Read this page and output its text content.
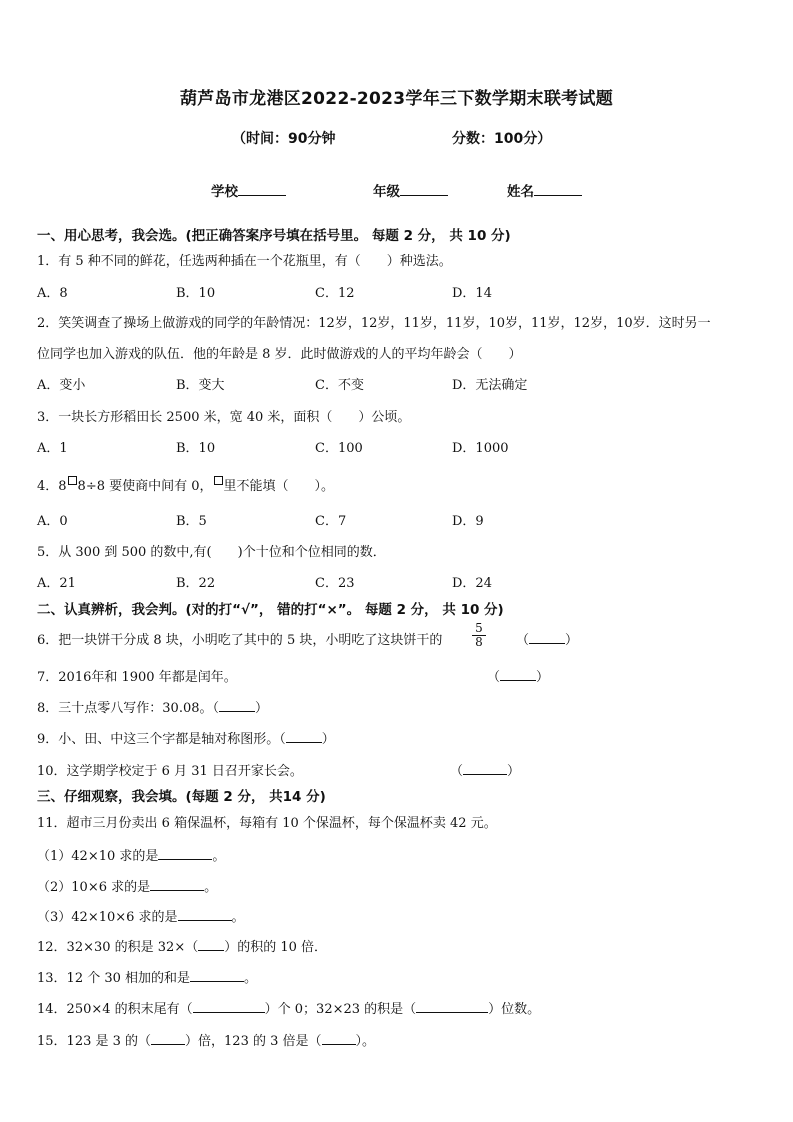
葫芦岛市龙港区2022-2023学年三下数学期末联考试题
（时间：90分钟	分数：100分）
学校	年级	姓名
一、用心思考，我会选。(把正确答案序号填在括号里。 每题 2 分， 共 10 分)
1．有 5 种不同的鲜花，任选两种插在一个花瓶里，有（　　）种选法。
A．8	B．10	C．12	D．14
2．笑笑调查了操场上做游戏的同学的年龄情况：12岁，12岁，11岁，11岁，10岁，11岁，12岁，10岁．这时另一
位同学也加入游戏的队伍．他的年龄是 8 岁．此时做游戏的人的平均年龄会（　　）
A．变小	B．变大	C．不变	D．无法确定
3．一块长方形稻田长 2500 米，宽 40 米，面积（　　）公顷。
A．1	B．10	C．100	D．1000
4．8 8÷8 要使商中间有 0， 里不能填（　　）。
A．0	B．5	C．7	D．9
5．从 300 到 500 的数中,有(　　)个十位和个位相同的数．
A．21	B．22	C．23	D．24
二、认真辨析，我会判。(对的打“√”， 错的打“×”。 每题 2 分， 共 10 分)
6．把一块饼干分成 8 块，小明吃了其中的 5 块，小明吃了这块饼干的 $\frac{5}{8}$ （	）
7．2016年和 1900 年都是闰年。	（	）
8．三十点零八写作：30.08。（	）
9．小、田、中这三个字都是轴对称图形。（	）
10．这学期学校定于 6 月 31 日召开家长会。	（	）
三、仔细观察，我会填。(每题 2 分， 共14 分)
11．超市三月份卖出 6 箱保温杯，每箱有 10 个保温杯，每个保温杯卖 42 元。
（1）42×10 求的是	。
（2）10×6 求的是	。
（3）42×10×6 求的是	。
12．32×30 的积是 32×（ ）的积的 10 倍．
13．12 个 30 相加的和是	。
14．250×4 的积末尾有（	）个 0；32×23 的积是（	）位数。
15．123 是 3 的（	）倍，123 的 3 倍是（	）。
